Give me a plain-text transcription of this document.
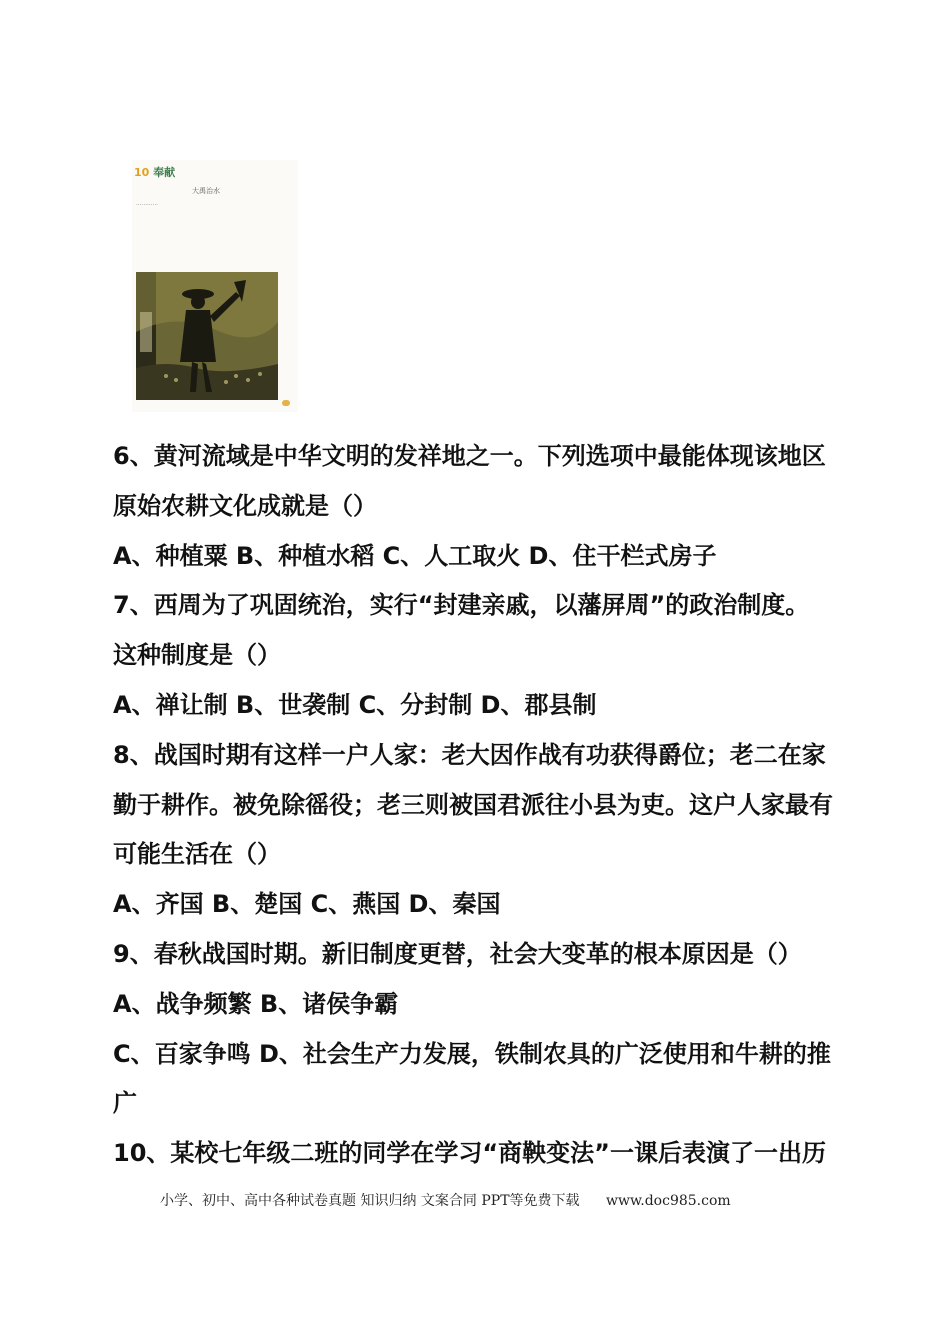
10 奉献
大禹治水
…………
6、黄河流域是中华文明的发祥地之一。下列选项中最能体现该地区
原始农耕文化成就是（）
A、种植粟 B、种植水稻 C、人工取火 D、住干栏式房子
7、西周为了巩固统治，实行“封建亲戚，以藩屏周”的政治制度。
这种制度是（）
A、禅让制 B、世袭制 C、分封制 D、郡县制
8、战国时期有这样一户人家：老大因作战有功获得爵位；老二在家
勤于耕作。被免除徭役；老三则被国君派往小县为吏。这户人家最有
可能生活在（）
A、齐国 B、楚国 C、燕国 D、秦国
9、春秋战国时期。新旧制度更替，社会大变革的根本原因是（）
A、战争频繁 B、诸侯争霸
C、百家争鸣 D、社会生产力发展，铁制农具的广泛使用和牛耕的推
广
10、某校七年级二班的同学在学习“商鞅变法”一课后表演了一出历
小学、初中、高中各种试卷真题 知识归纳 文案合同 PPT等免费下载 www.doc985.com
